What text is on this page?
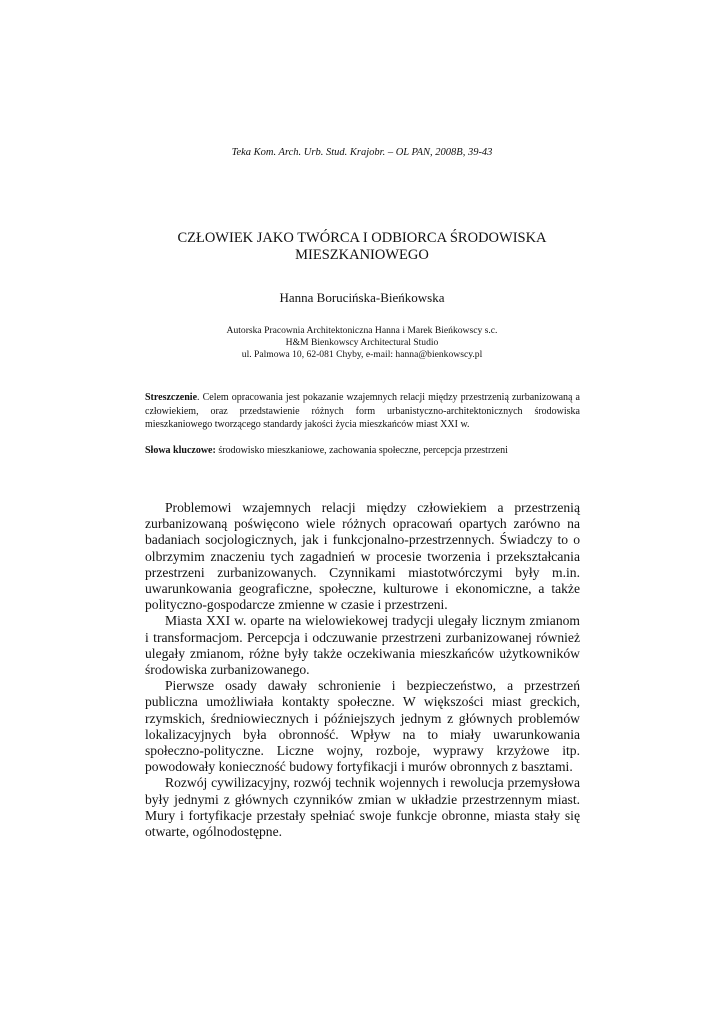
Teka Kom. Arch. Urb. Stud. Krajobr. – OL PAN, 2008B, 39-43
CZŁOWIEK JAKO TWÓRCA I ODBIORCA ŚRODOWISKA
MIESZKANIOWEGO
Hanna Borucińska-Bieńkowska
Autorska Pracownia Architektoniczna Hanna i Marek Bieńkowscy s.c.
H&M Bienkowscy Architectural Studio
ul. Palmowa 10, 62-081 Chyby, e-mail: hanna@bienkowscy.pl

Streszczenie. Celem opracowania jest pokazanie wzajemnych relacji między przestrzenią zurbanizowaną a człowiekiem, oraz przedstawienie różnych form urbanistyczno-architektonicznych środowiska mieszkaniowego tworzącego standardy jakości życia mieszkańców miast XXI w.

Słowa kluczowe: środowisko mieszkaniowe, zachowania społeczne, percepcja przestrzeni

Problemowi wzajemnych relacji między człowiekiem a przestrzenią zurbanizowaną poświęcono wiele różnych opracowań opartych zarówno na badaniach socjologicznych, jak i funkcjonalno-przestrzennych. Świadczy to o olbrzymim znaczeniu tych zagadnień w procesie tworzenia i przekształcania przestrzeni zurbanizowanych. Czynnikami miastotwórczymi były m.in. uwarunkowania geograficzne, społeczne, kulturowe i ekonomiczne, a także polityczno-gospodarcze zmienne w czasie i przestrzeni.

Miasta XXI w. oparte na wielowiekowej tradycji ulegały licznym zmianom i transformacjom. Percepcja i odczuwanie przestrzeni zurbanizowanej również ulegały zmianom, różne były także oczekiwania mieszkańców użytkowników środowiska zurbanizowanego.

Pierwsze osady dawały schronienie i bezpieczeństwo, a przestrzeń publiczna umożliwiała kontakty społeczne. W większości miast greckich, rzymskich, średniowiecznych i późniejszych jednym z głównych problemów lokalizacyjnych była obronność. Wpływ na to miały uwarunkowania społeczno-polityczne. Liczne wojny, rozboje, wyprawy krzyżowe itp. powodowały konieczność budowy fortyfikacji i murów obronnych z basztami.

Rozwój cywilizacyjny, rozwój technik wojennych i rewolucja przemysłowa były jednymi z głównych czynników zmian w układzie przestrzennym miast. Mury i fortyfikacje przestały spełniać swoje funkcje obronne, miasta stały się otwarte, ogólnodostępne.
